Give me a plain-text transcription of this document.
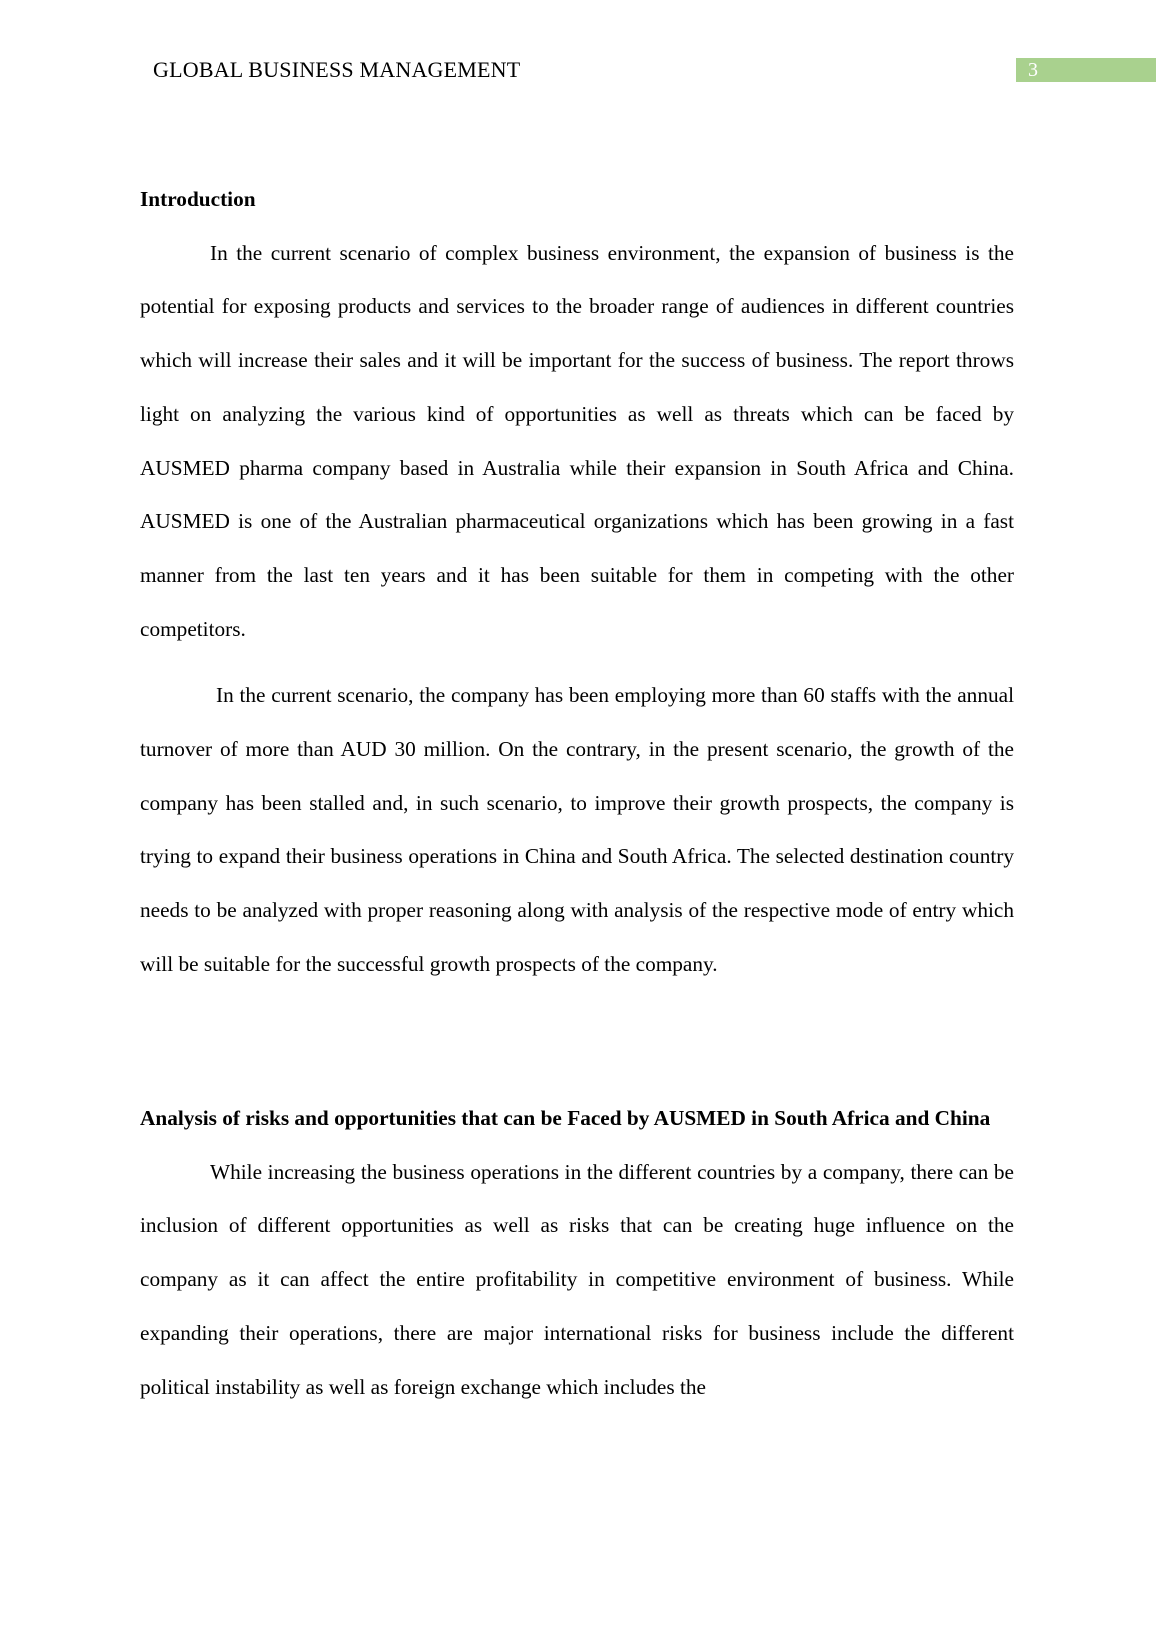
GLOBAL BUSINESS MANAGEMENT	3
Introduction

In the current scenario of complex business environment, the expansion of business is the potential for exposing products and services to the broader range of audiences in different countries which will increase their sales and it will be important for the success of business. The report throws light on analyzing the various kind of opportunities as well as threats which can be faced by AUSMED pharma company based in Australia while their expansion in South Africa and China. AUSMED is one of the Australian pharmaceutical organizations which has been growing in a fast manner from the last ten years and it has been suitable for them in competing with the other competitors.

In the current scenario, the company has been employing more than 60 staffs with the annual turnover of more than AUD 30 million. On the contrary, in the present scenario, the growth of the company has been stalled and, in such scenario, to improve their growth prospects, the company is trying to expand their business operations in China and South Africa. The selected destination country needs to be analyzed with proper reasoning along with analysis of the respective mode of entry which will be suitable for the successful growth prospects of the company.

Analysis of risks and opportunities that can be Faced by AUSMED in South Africa and China

While increasing the business operations in the different countries by a company, there can be inclusion of different opportunities as well as risks that can be creating huge influence on the company as it can affect the entire profitability in competitive environment of business. While expanding their operations, there are major international risks for business include the different political instability as well as foreign exchange which includes the
